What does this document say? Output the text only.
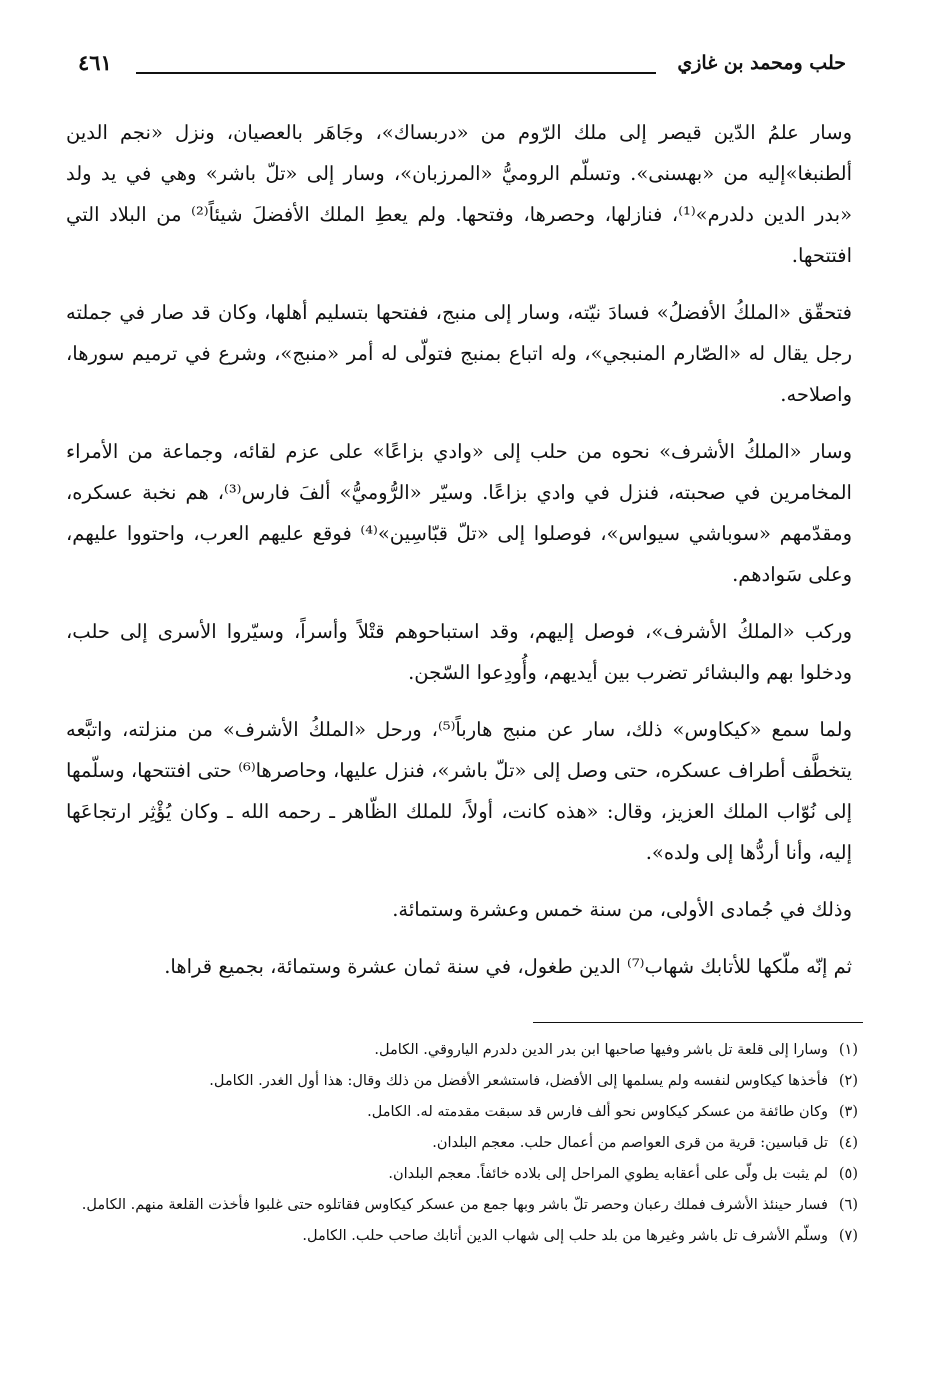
حلب ومحمد بن غازي
٤٦١

وسار علمُ الدّين قيصر إلى ملك الرّوم من «دربساك»، وجَاهَر بالعصيان، ونزل «نجم الدين ألطنبغا»إليه من «بهسنى». وتسلّم الروميُّ «المرزبان»، وسار إلى «تلّ باشر» وهي في يد ولد «بدر الدين دلدرم»⁽¹⁾، فنازلها، وحصرها، وفتحها. ولم يعطِ الملك الأفضلَ شيئاً⁽²⁾ من البلاد التي افتتحها.

فتحقّق «الملكُ الأفضلُ» فسادَ نيّته، وسار إلى منبج، ففتحها بتسليم أهلها، وكان قد صار في جملته رجل يقال له «الصّارم المنبجي»، وله اتباع بمنبج فتولّى له أمر «منبج»، وشرع في ترميم سورها، واصلاحه.

وسار «الملكُ الأشرف» نحوه من حلب إلى «وادي بزاعًا» على عزم لقائه، وجماعة من الأمراء المخامرين في صحبته، فنزل في وادي بزاعًا. وسيّر «الرُّوميُّ» ألفَ فارس⁽³⁾، هم نخبة عسكره، ومقدّمهم «سوباشي سيواس»، فوصلوا إلى «تلّ قبّاسِين»⁽⁴⁾ فوقع عليهم العرب، واحتووا عليهم، وعلى سَوادهم.

وركب «الملكُ الأشرف»، فوصل إليهم، وقد استباحوهم قتْلاً وأسراً، وسيّروا الأسرى إلى حلب، ودخلوا بهم والبشائر تضرب بين أيديهم، وأُودِعوا السّجن.

ولما سمع «كيكاوس» ذلك، سار عن منبج هارباً⁽⁵⁾، ورحل «الملكُ الأشرف» من منزلته، واتبَّعه يتخطَّف أطراف عسكره، حتى وصل إلى «تلّ باشر»، فنزل عليها، وحاصرها⁽⁶⁾ حتى افتتحها، وسلّمها إلى نُوّاب الملك العزيز، وقال: «هذه كانت، أولاً، للملك الظّاهر ـ رحمه الله ـ وكان يُؤْثِر ارتجاعَها إليه، وأنا أردُّها إلى ولده».

وذلك في جُمادى الأولى، من سنة خمس وعشرة وستمائة.

ثم إنّه ملّكها للأتابك شهاب⁽⁷⁾ الدين طغول، في سنة ثمان عشرة وستمائة، بجميع قراها.

(١)
وسارا إلى قلعة تل باشر وفيها صاحبها ابن بدر الدين دلدرم الياروقي. الكامل.
(٢)
فأخذها كيكاوس لنفسه ولم يسلمها إلى الأفضل، فاستشعر الأفضل من ذلك وقال: هذا أول الغدر. الكامل.
(٣)
وكان طائفة من عسكر كيكاوس نحو ألف فارس قد سبقت مقدمته له. الكامل.
(٤)
تل قباسين: قرية من قرى العواصم من أعمال حلب. معجم البلدان.
(٥)
لم يثبت بل ولّى على أعقابه يطوي المراحل إلى بلاده خائفاً. معجم البلدان.
(٦)
فسار حينئذ الأشرف فملك رعبان وحصر تلّ باشر وبها جمع من عسكر كيكاوس فقاتلوه حتى غلبوا فأخذت القلعة منهم. الكامل.
(٧)
وسلّم الأشرف تل باشر وغيرها من بلد حلب إلى شهاب الدين أتابك صاحب حلب. الكامل.
